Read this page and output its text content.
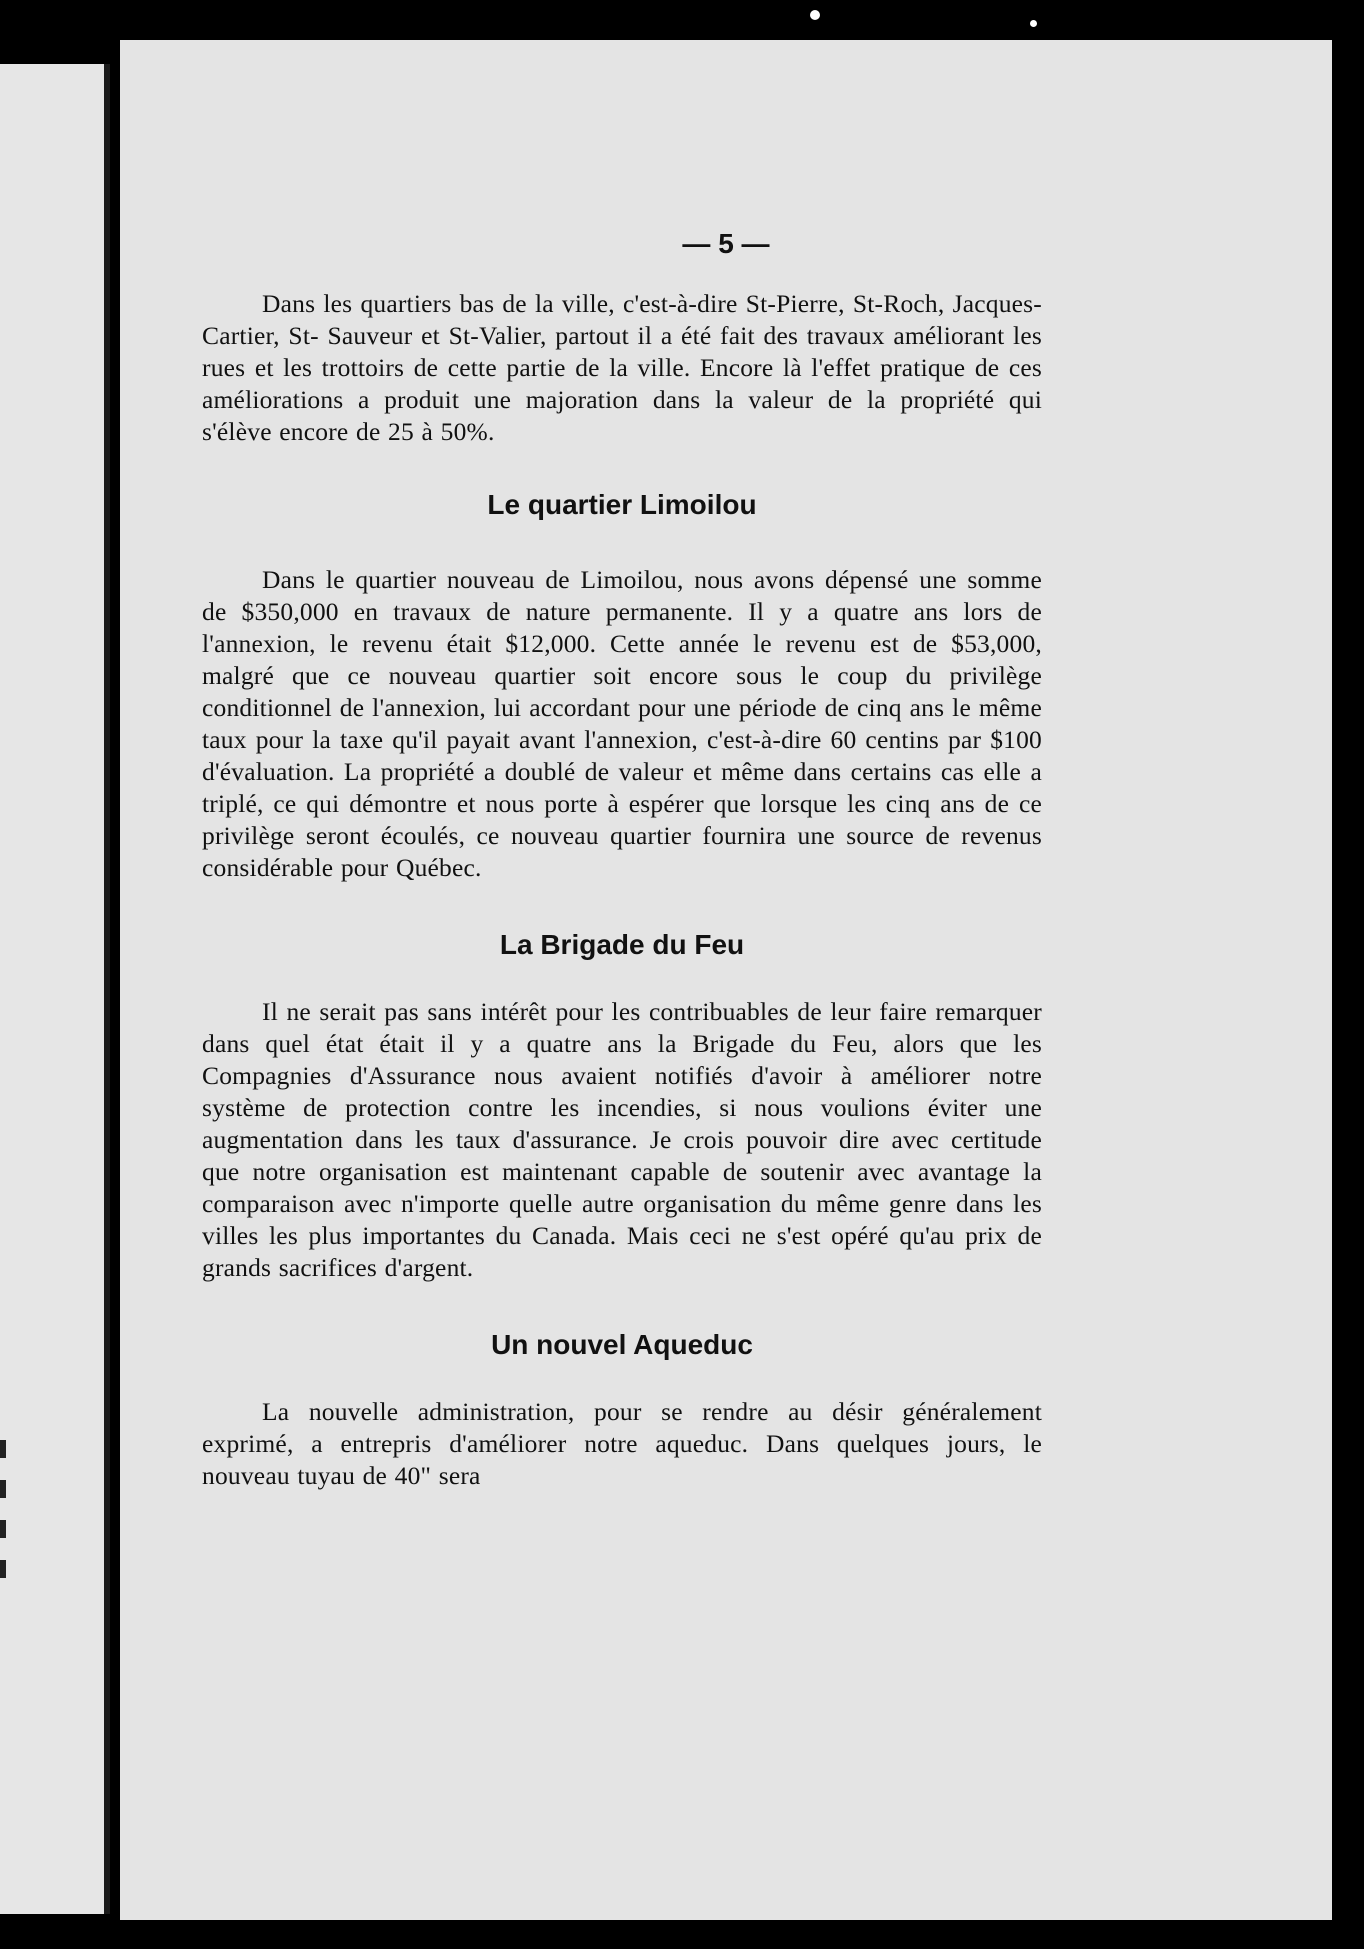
— 5 —

Dans les quartiers bas de la ville, c'est-à-dire St-Pierre, St-Roch, Jacques-Cartier, St- Sauveur et St-Valier, partout il a été fait des travaux améliorant les rues et les trottoirs de cette partie de la ville. Encore là l'effet pratique de ces améliorations a produit une majoration dans la valeur de la propriété qui s'élève encore de 25 à 50%.

Le quartier Limoilou

Dans le quartier nouveau de Limoilou, nous avons dépensé une somme de $350,000 en travaux de nature permanente. Il y a quatre ans lors de l'annexion, le revenu était $12,000. Cette année le revenu est de $53,000, malgré que ce nouveau quartier soit encore sous le coup du privilège conditionnel de l'annexion, lui accordant pour une période de cinq ans le même taux pour la taxe qu'il payait avant l'annexion, c'est-à-dire 60 centins par $100 d'évaluation. La propriété a doublé de valeur et même dans certains cas elle a triplé, ce qui démontre et nous porte à espérer que lorsque les cinq ans de ce privilège seront écoulés, ce nouveau quartier fournira une source de revenus considérable pour Québec.

La Brigade du Feu

Il ne serait pas sans intérêt pour les contribuables de leur faire remarquer dans quel état était il y a quatre ans la Brigade du Feu, alors que les Compagnies d'Assurance nous avaient notifiés d'avoir à améliorer notre système de protection contre les incendies, si nous voulions éviter une augmentation dans les taux d'assurance. Je crois pouvoir dire avec certitude que notre organisation est maintenant capable de soutenir avec avantage la comparaison avec n'importe quelle autre organisation du même genre dans les villes les plus importantes du Canada. Mais ceci ne s'est opéré qu'au prix de grands sacrifices d'argent.

Un nouvel Aqueduc

La nouvelle administration, pour se rendre au désir généralement exprimé, a entrepris d'améliorer notre aqueduc. Dans quelques jours, le nouveau tuyau de 40" sera
